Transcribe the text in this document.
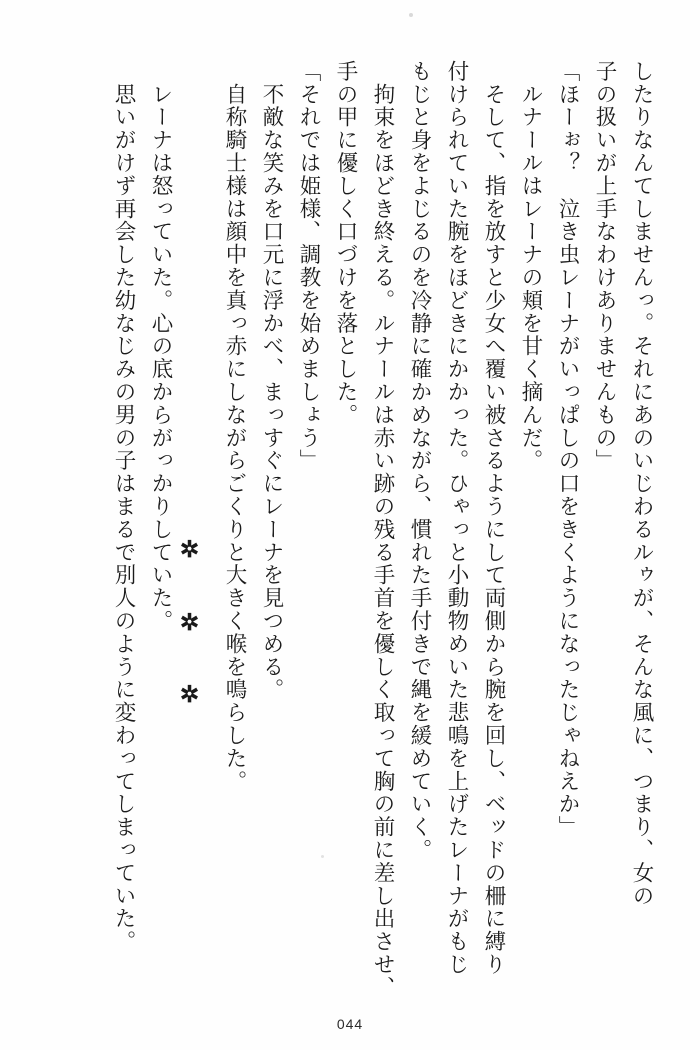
　思いがけず再会した幼なじみの男の子はまるで別人のように変わってしまっていた。 　レーナは怒っていた。心の底からがっかりしていた。

✲

✲

✲

	　自称騎士様は顔中を真っ赤にしながらごくりと大きく喉を鳴らした。 　不敵な笑みを口元に浮かべ、まっすぐにレーナを見つめる。 「それでは姫様、調教を始めましょう」 手の甲に優しく口づけを落とした。 　拘束をほどき終える。ルナールは赤い跡の残る手首を優しく取って胸の前に差し出させ、 もじと身をよじるのを冷静に確かめながら、慣れた手付きで縄を緩めていく。 付けられていた腕をほどきにかかった。ひゃっと小動物めいた悲鳴を上げたレーナがもじ 　そして、指を放すと少女へ覆い被さるようにして両側から腕を回し、ベッドの柵に縛り 　ルナールはレーナの頬を甘く摘んだ。 「ほーぉ？　泣き虫レーナがいっぱしの口をきくようになったじゃねえか」 子の扱いが上手なわけありませんもの」 したりなんてしませんっ。それにあのいじわるルゥが、そんな風に、つまり、女の
044
